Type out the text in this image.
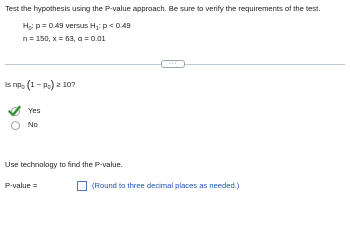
Test the hypothesis using the P-value approach. Be sure to verify the requirements of the test.
$H_0$: p = 0.49 versus $H_1$: p < 0.49
n = 150, x = 63, α = 0.01
···
Is $np_0$ $(1 - p_0) \ge 10$?
Yes
No
Use technology to find the P-value.
P-value =	(Round to three decimal places as needed.)
